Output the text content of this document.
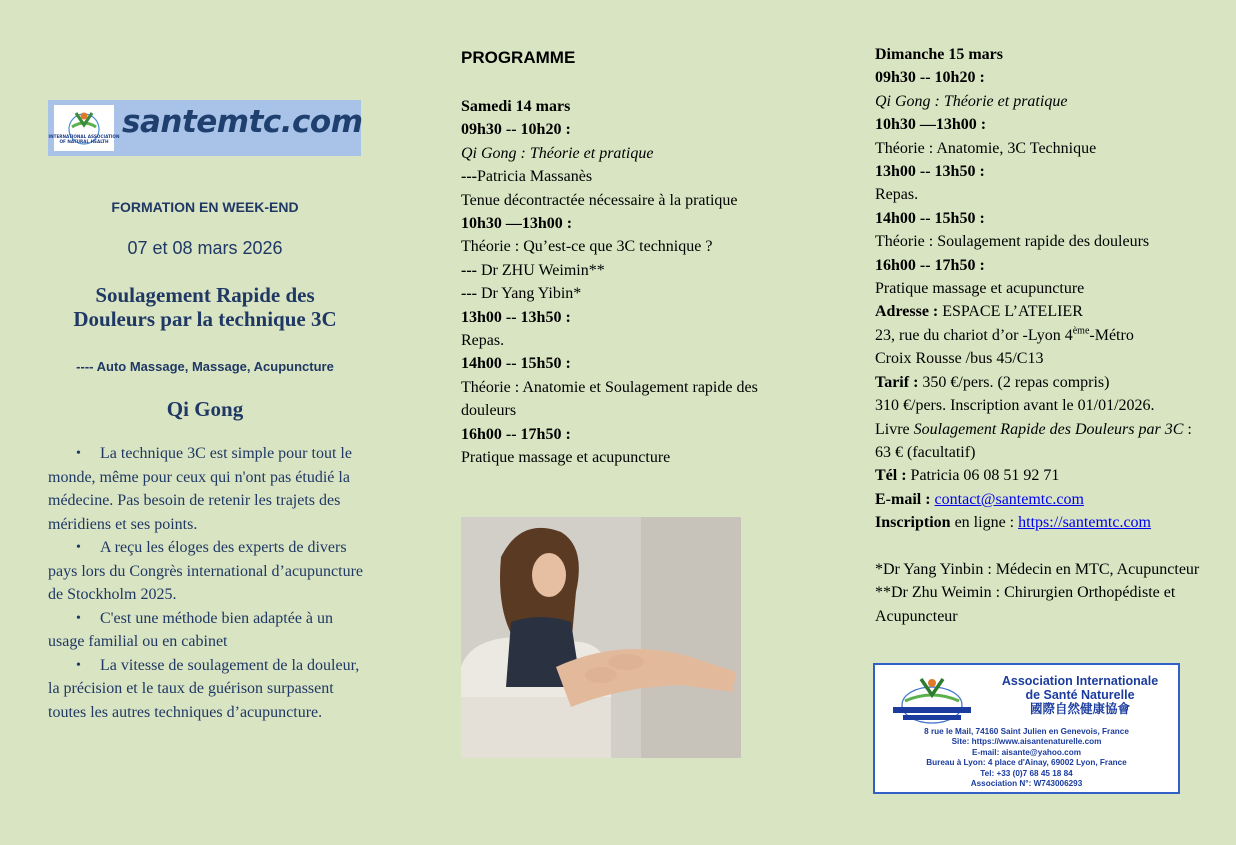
INTERNATIONAL ASSOCIATION
OF NATURAL HEALTH
santemtc.com
FORMATION EN WEEK-END
07 et 08 mars 2026
Soulagement Rapide des
Douleurs par la technique 3C
---- Auto Massage, Massage, Acupuncture
Qi Gong
• La technique 3C est simple pour tout le monde, même pour ceux qui n'ont pas étudié la médecine. Pas besoin de retenir les trajets des méridiens et ses points.
• A reçu les éloges des experts de divers pays lors du Congrès international d’acupuncture de Stockholm 2025.
• C'est une méthode bien adaptée à un usage familial ou en cabinet
• La vitesse de soulagement de la douleur, la précision et le taux de guérison surpassent toutes les autres techniques d’acupuncture.
PROGRAMME
Samedi 14 mars
09h30 -- 10h20 :
Qi Gong : Théorie et pratique
---Patricia Massanès
Tenue décontractée nécessaire à la pratique
10h30 —13h00 :
Théorie : Qu’est-ce que 3C technique ?
--- Dr ZHU Weimin**
--- Dr Yang Yibin*
13h00 -- 13h50 :
Repas.
14h00 -- 15h50 :
Théorie : Anatomie et Soulagement rapide des douleurs
16h00 -- 17h50 :
Pratique massage et acupuncture
Dimanche 15 mars
09h30 -- 10h20 :
Qi Gong : Théorie et pratique
10h30 —13h00 :
Théorie : Anatomie, 3C Technique
13h00 -- 13h50 :
Repas.
14h00 -- 15h50 :
Théorie : Soulagement rapide des douleurs
16h00 -- 17h50 :
Pratique massage et acupuncture
Adresse : ESPACE L’ATELIER
23, rue du chariot d’or -Lyon 4ème-Métro
Croix Rousse /bus 45/C13
Tarif : 350 €/pers. (2 repas compris)
310 €/pers. Inscription avant le 01/01/2026.
Livre Soulagement Rapide des Douleurs par 3C : 63 € (facultatif)
Tél : Patricia 06 08 51 92 71
E-mail : contact@santemtc.com
Inscription en ligne : https://santemtc.com
*Dr Yang Yinbin : Médecin en MTC, Acupuncteur
**Dr Zhu Weimin : Chirurgien Orthopédiste et Acupuncteur
Association Internationale
de Santé Naturelle
國際自然健康協會
8 rue le Mail, 74160 Saint Julien en Genevois, France
Site: https://www.aisantenaturelle.com
E-mail: aisante@yahoo.com
Bureau à Lyon: 4 place d'Ainay, 69002 Lyon, France
Tel: +33 (0)7 68 45 18 84
Association N°: W743006293
